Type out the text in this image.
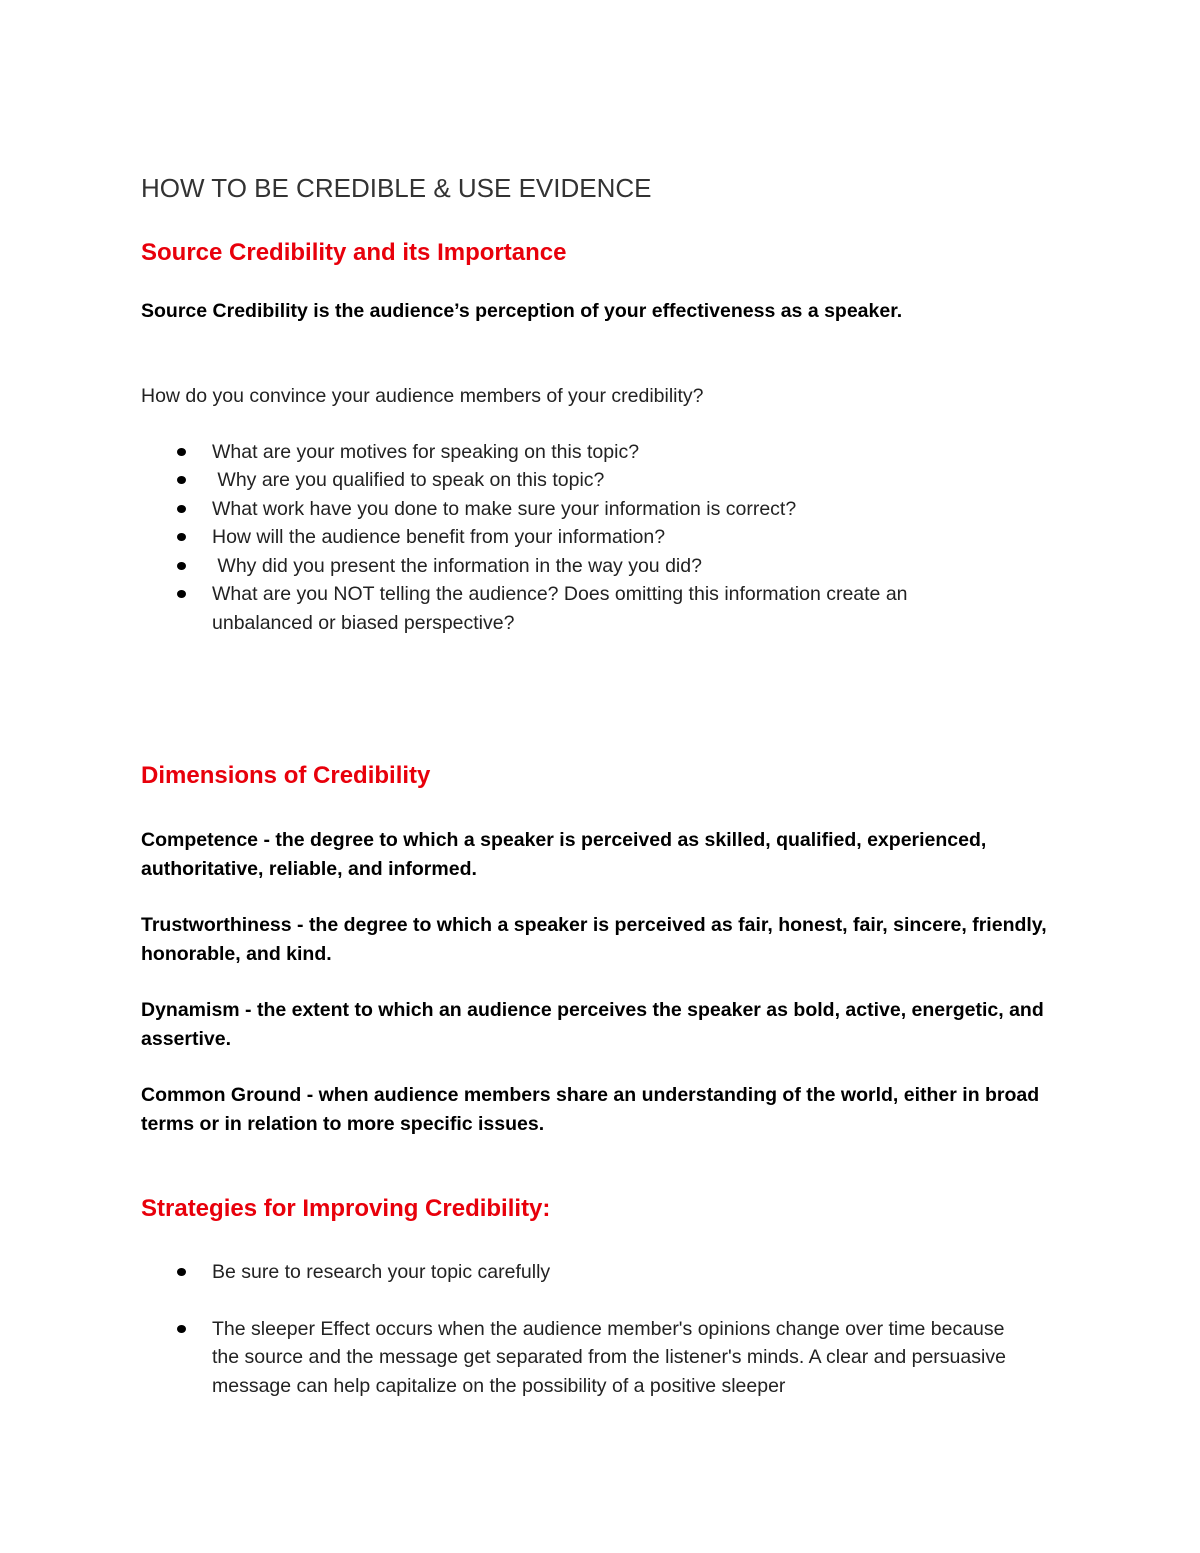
HOW TO BE CREDIBLE & USE EVIDENCE
Source Credibility and its Importance

Source Credibility is the audience’s perception of your effectiveness as a speaker.

How do you convince your audience members of your credibility?

What are your motives for speaking on this topic?
Why are you qualified to speak on this topic?
What work have you done to make sure your information is correct?
How will the audience benefit from your information?
Why did you present the information in the way you did?
What are you NOT telling the audience? Does omitting this information create an unbalanced or biased perspective?
Dimensions of Credibility

Competence - the degree to which a speaker is perceived as skilled, qualified, experienced, authoritative, reliable, and informed.

Trustworthiness - the degree to which a speaker is perceived as fair, honest, fair, sincere, friendly, honorable, and kind.

Dynamism - the extent to which an audience perceives the speaker as bold, active, energetic, and assertive.

Common Ground - when audience members share an understanding of the world, either in broad terms or in relation to more specific issues.

Strategies for Improving Credibility:
Be sure to research your topic carefully
The sleeper Effect occurs when the audience member's opinions change over time because the source and the message get separated from the listener's minds. A clear and persuasive message can help capitalize on the possibility of a positive sleeper
